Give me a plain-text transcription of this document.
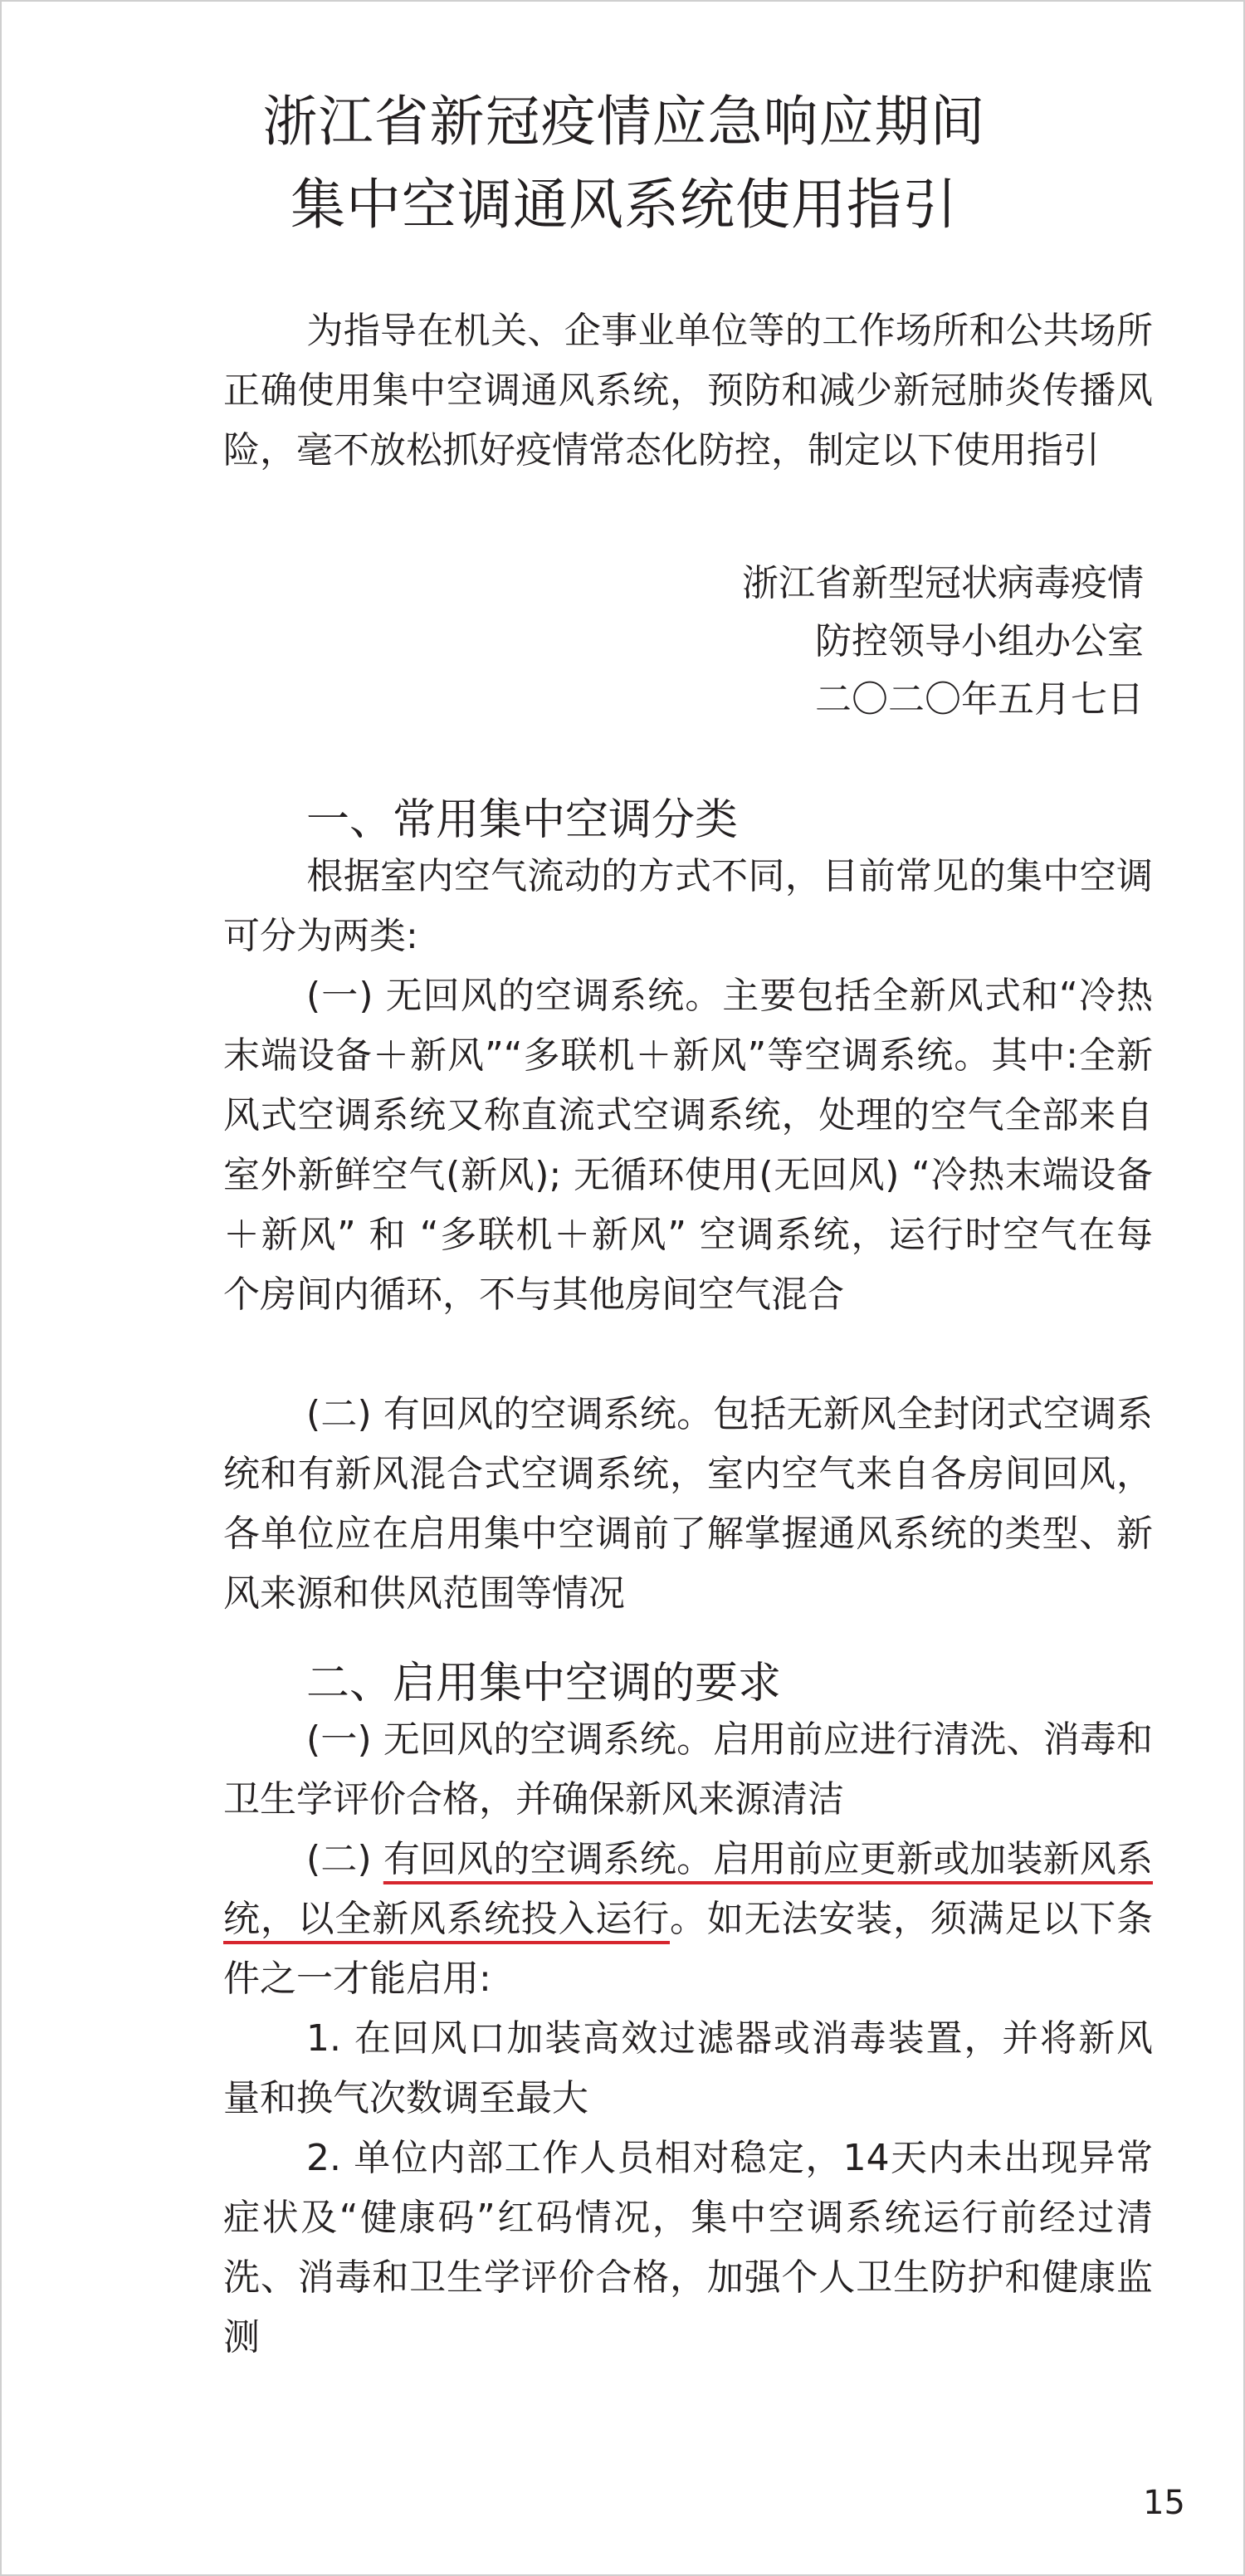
浙江省新冠疫情应急响应期间
集中空调通风系统使用指引
为指导在机关、企事业单位等的工作场所和公共场所正确使用集中空调通风系统，预防和减少新冠肺炎传播风险，毫不放松抓好疫情常态化防控，制定以下使用指引
浙江省新型冠状病毒疫情
防控领导小组办公室
二〇二〇年五月七日
一、常用集中空调分类
根据室内空气流动的方式不同，目前常见的集中空调可分为两类:
(一) 无回风的空调系统。主要包括全新风式和“冷热末端设备＋新风”“多联机＋新风”等空调系统。其中:全新风式空调系统又称直流式空调系统，处理的空气全部来自室外新鲜空气(新风); 无循环使用(无回风) “冷热末端设备＋新风” 和 “多联机＋新风” 空调系统，运行时空气在每个房间内循环，不与其他房间空气混合
(二) 有回风的空调系统。包括无新风全封闭式空调系统和有新风混合式空调系统，室内空气来自各房间回风，各单位应在启用集中空调前了解掌握通风系统的类型、新风来源和供风范围等情况
二、启用集中空调的要求
(一) 无回风的空调系统。启用前应进行清洗、消毒和卫生学评价合格，并确保新风来源清洁
(二) 有回风的空调系统。启用前应更新或加装新风系统，以全新风系统投入运行。如无法安装，须满足以下条件之一才能启用:
1. 在回风口加装高效过滤器或消毒装置，并将新风量和换气次数调至最大
2. 单位内部工作人员相对稳定，14天内未出现异常症状及“健康码”红码情况，集中空调系统运行前经过清洗、消毒和卫生学评价合格，加强个人卫生防护和健康监测
15
